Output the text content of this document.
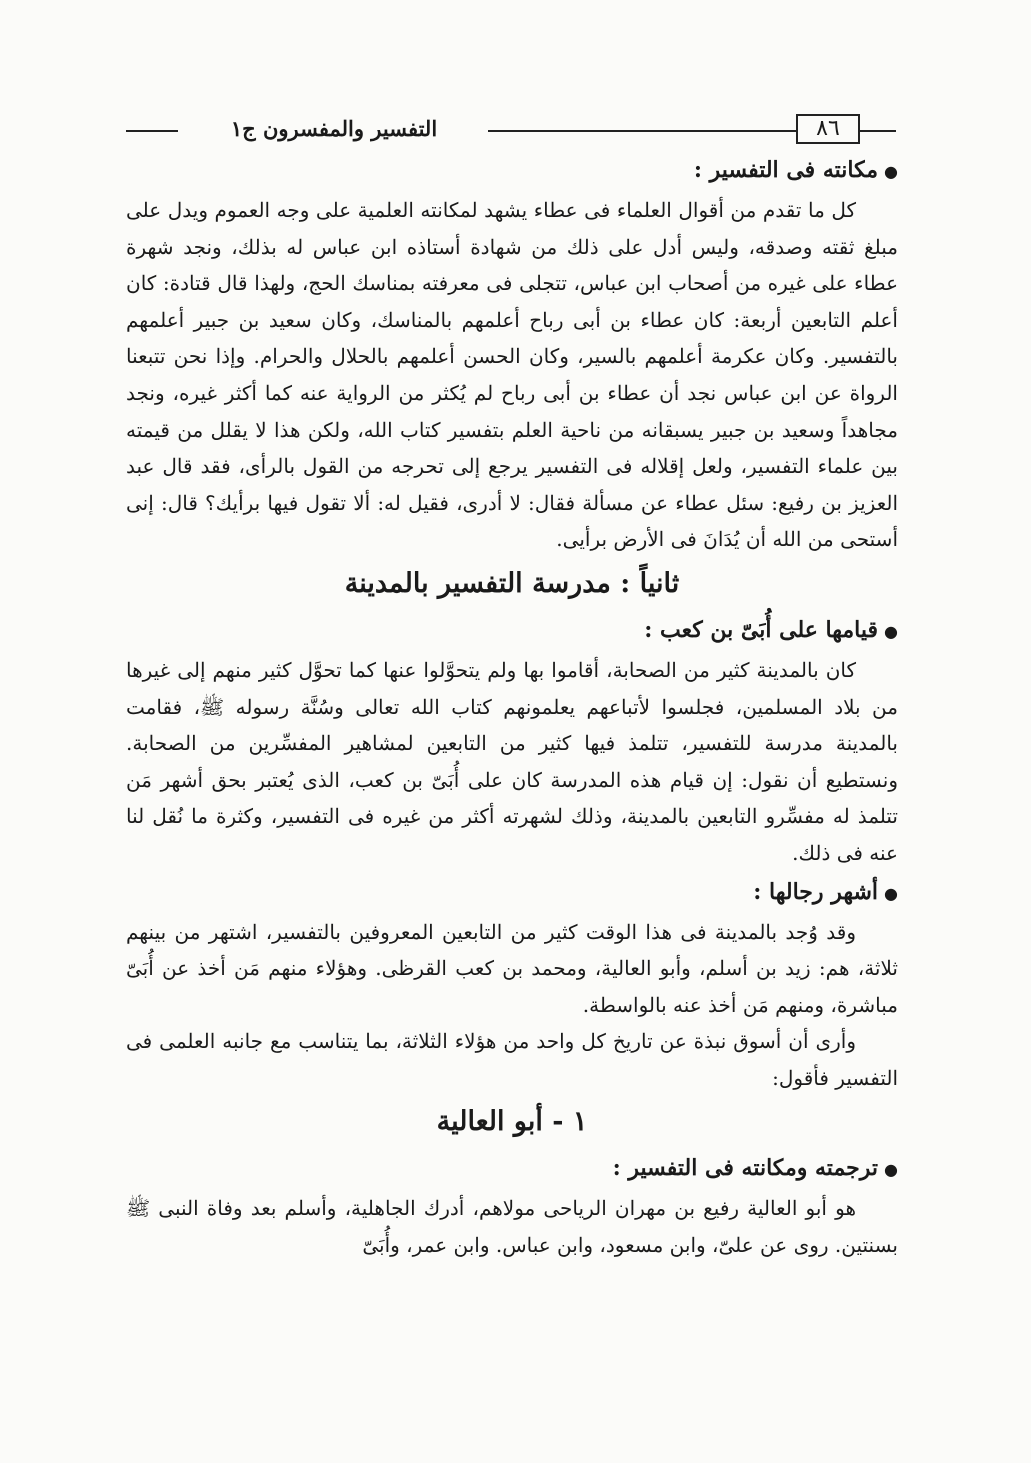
٨٦
التفسير والمفسرون ج١
●مكانته فى التفسير :

كل ما تقدم من أقوال العلماء فى عطاء يشهد لمكانته العلمية على وجه العموم ويدل على مبلغ ثقته وصدقه، وليس أدل على ذلك من شهادة أستاذه ابن عباس له بذلك، ونجد شهرة عطاء على غيره من أصحاب ابن عباس، تتجلى فى معرفته بمناسك الحج، ولهذا قال قتادة: كان أعلم التابعين أربعة: كان عطاء بن أبى رباح أعلمهم بالمناسك، وكان سعيد بن جبير أعلمهم بالتفسير. وكان عكرمة أعلمهم بالسير، وكان الحسن أعلمهم بالحلال والحرام. وإذا نحن تتبعنا الرواة عن ابن عباس نجد أن عطاء بن أبى رباح لم يُكثر من الرواية عنه كما أكثر غيره، ونجد مجاهداً وسعيد بن جبير يسبقانه من ناحية العلم بتفسير كتاب الله، ولكن هذا لا يقلل من قيمته بين علماء التفسير، ولعل إقلاله فى التفسير يرجع إلى تحرجه من القول بالرأى، فقد قال عبد العزيز بن رفيع: سئل عطاء عن مسألة فقال: لا أدرى، فقيل له: ألا تقول فيها برأيك؟ قال: إنى أستحى من الله أن يُدَانَ فى الأرض برأيى.

ثانياً : مدرسة التفسير بالمدينة
●قيامها على أُبَىّ بن كعب :

كان بالمدينة كثير من الصحابة، أقاموا بها ولم يتحوَّلوا عنها كما تحوَّل كثير منهم إلى غيرها من بلاد المسلمين، فجلسوا لأتباعهم يعلمونهم كتاب الله تعالى وسُنَّة رسوله ﷺ، فقامت بالمدينة مدرسة للتفسير، تتلمذ فيها كثير من التابعين لمشاهير المفسِّرين من الصحابة. ونستطيع أن نقول: إن قيام هذه المدرسة كان على أُبَىّ بن كعب، الذى يُعتبر بحق أشهر مَن تتلمذ له مفسِّرو التابعين بالمدينة، وذلك لشهرته أكثر من غيره فى التفسير، وكثرة ما نُقل لنا عنه فى ذلك.

●أشهر رجالها :

وقد وُجد بالمدينة فى هذا الوقت كثير من التابعين المعروفين بالتفسير، اشتهر من بينهم ثلاثة، هم: زيد بن أسلم، وأبو العالية، ومحمد بن كعب القرظى. وهؤلاء منهم مَن أخذ عن أُبَىّ مباشرة، ومنهم مَن أخذ عنه بالواسطة.

وأرى أن أسوق نبذة عن تاريخ كل واحد من هؤلاء الثلاثة، بما يتناسب مع جانبه العلمى فى التفسير فأقول:

١ - أبو العالية
●ترجمته ومكانته فى التفسير :

هو أبو العالية رفيع بن مهران الرياحى مولاهم، أدرك الجاهلية، وأسلم بعد وفاة النبى ﷺ بسنتين. روى عن علىّ، وابن مسعود، وابن عباس. وابن عمر، وأُبَىّ
